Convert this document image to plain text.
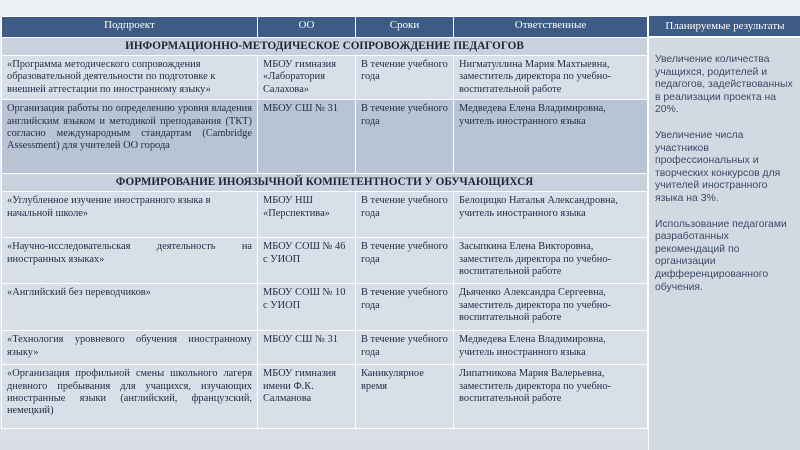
Подпроект	ОО	Сроки	Ответственные
ИНФОРМАЦИОННО-МЕТОДИЧЕСКОЕ СОПРОВОЖДЕНИЕ ПЕДАГОГОВ			
«Программа методического сопровождения образовательной деятельности по подготовке к внешней аттестации по иностранному языку»	МБОУ гимназия «Лаборатория Салахова»	В течение учебного года	Нигматуллина Мария Махтыевна, заместитель директора по учебно-воспитательной работе
Организация работы по определению уровня владения английским языком и методикой преподавания (ТКТ) согласно международным стандартам (Cambridge Assessment) для учителей ОО города	МБОУ СШ № 31	В течение учебного года	Медведева Елена Владимировна, учитель иностранного языка
ФОРМИРОВАНИЕ ИНОЯЗЫЧНОЙ КОМПЕТЕНТНОСТИ У ОБУЧАЮЩИХСЯ			
«Углубленное изучение иностранного языка в начальной школе»	МБОУ НШ «Перспектива»	В течение учебного года	Белоцицко Наталья Александровна, учитель иностранного языка
«Научно-исследовательская деятельность на иностранных языках»	МБОУ СОШ № 46 с УИОП	В течение учебного года	Засыпкина Елена Викторовна, заместитель директора по учебно-воспитательной работе
«Английский без переводчиков»	МБОУ СОШ № 10 с УИОП	В течение учебного года	Дьяченко Александра Сергеевна, заместитель директора по учебно-воспитательной работе
«Технология уровневого обучения иностранному языку»	МБОУ СШ № 31	В течение учебного года	Медведева Елена Владимировна, учитель иностранного языка
«Организация профильной смены школьного лагеря дневного пребывания для учащихся, изучающих иностранные языки (английский, французский, немецкий)	МБОУ гимназия имени Ф.К. Салманова	Каникулярное время	Липатникова Мария Валерьевна, заместитель директора по учебно-воспитательной работе
Планируемые результаты

Увеличение количества учащихся, родителей и педагогов, задействованных в реализации проекта на 20%.

Увеличение числа участников профессиональных и творческих конкурсов для учителей иностранного языка на 3%.

Использование педагогами разработанных рекомендаций по организации дифференцированного обучения.
